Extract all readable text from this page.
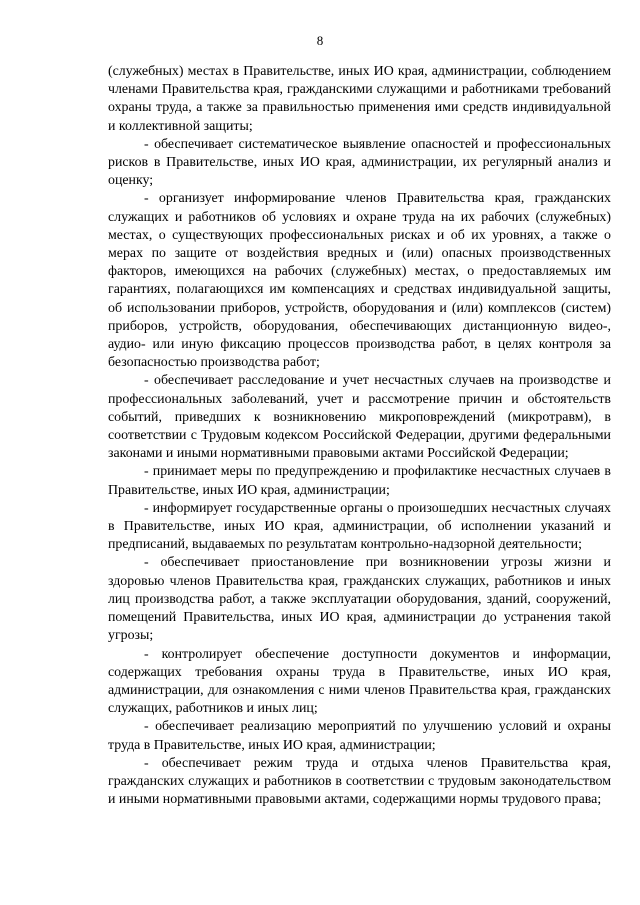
8

(служебных) местах в Правительстве, иных ИО края, администрации, соблюдением членами Правительства края, гражданскими служащими и работниками требований охраны труда, а также за правильностью применения ими средств индивидуальной и коллективной защиты;

- обеспечивает систематическое выявление опасностей и профессиональных рисков в Правительстве, иных ИО края, администрации, их регулярный анализ и оценку;

- организует информирование членов Правительства края, гражданских служащих и работников об условиях и охране труда на их рабочих (служебных) местах, о существующих профессиональных рисках и об их уровнях, а также о мерах по защите от воздействия вредных и (или) опасных производственных факторов, имеющихся на рабочих (служебных) местах, о предоставляемых им гарантиях, полагающихся им компенсациях и средствах индивидуальной защиты, об использовании приборов, устройств, оборудования и (или) комплексов (систем) приборов, устройств, оборудования, обеспечивающих дистанционную видео-, аудио- или иную фиксацию процессов производства работ, в целях контроля за безопасностью производства работ;

- обеспечивает расследование и учет несчастных случаев на производстве и профессиональных заболеваний, учет и рассмотрение причин и обстоятельств событий, приведших к возникновению микроповреждений (микротравм), в соответствии с Трудовым кодексом Российской Федерации, другими федеральными законами и иными нормативными правовыми актами Российской Федерации;

- принимает меры по предупреждению и профилактике несчастных случаев в Правительстве, иных ИО края, администрации;

- информирует государственные органы о произошедших несчастных случаях в Правительстве, иных ИО края, администрации, об исполнении указаний и предписаний, выдаваемых по результатам контрольно-надзорной деятельности;

- обеспечивает приостановление при возникновении угрозы жизни и здоровью членов Правительства края, гражданских служащих, работников и иных лиц производства работ, а также эксплуатации оборудования, зданий, сооружений, помещений Правительства, иных ИО края, администрации до устранения такой угрозы;

- контролирует обеспечение доступности документов и информации, содержащих требования охраны труда в Правительстве, иных ИО края, администрации, для ознакомления с ними членов Правительства края, гражданских служащих, работников и иных лиц;

- обеспечивает реализацию мероприятий по улучшению условий и охраны труда в Правительстве, иных ИО края, администрации;

- обеспечивает режим труда и отдыха членов Правительства края, гражданских служащих и работников в соответствии с трудовым законодательством и иными нормативными правовыми актами, содержащими нормы трудового права;
